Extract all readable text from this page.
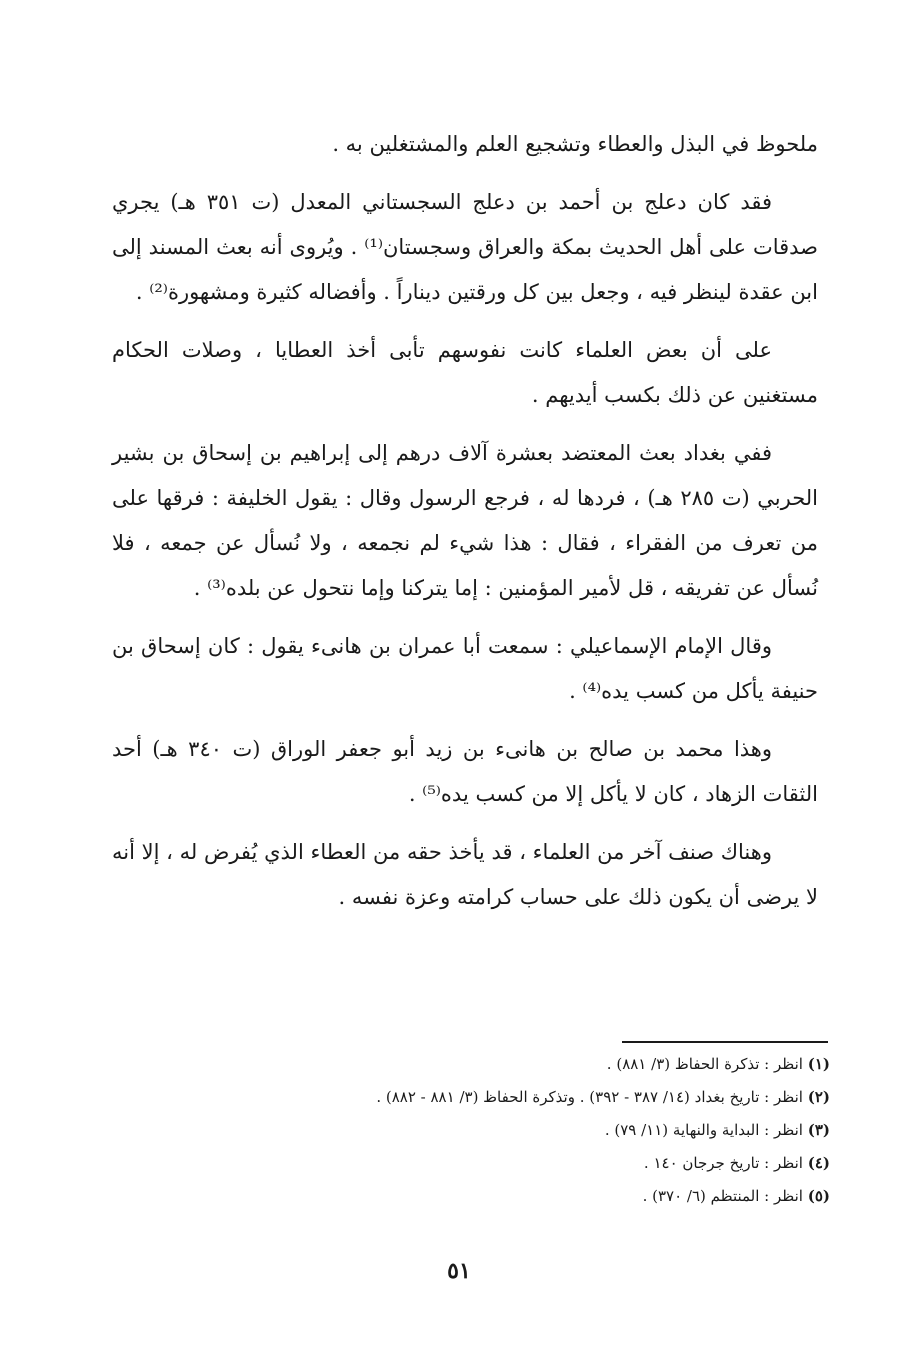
ملحوظ في البذل والعطاء وتشجيع العلم والمشتغلين به .

فقد كان دعلج بن أحمد بن دعلج السجستاني المعدل (ت ٣٥١ هـ) يجري صدقات على أهل الحديث بمكة والعراق وسجستان⁽¹⁾ . ويُروى أنه بعث المسند إلى ابن عقدة لينظر فيه ، وجعل بين كل ورقتين ديناراً . وأفضاله كثيرة ومشهورة⁽²⁾ .

على أن بعض العلماء كانت نفوسهم تأبى أخذ العطايا ، وصلات الحكام مستغنين عن ذلك بكسب أيديهم .

ففي بغداد بعث المعتضد بعشرة آلاف درهم إلى إبراهيم بن إسحاق بن بشير الحربي (ت ٢٨٥ هـ) ، فردها له ، فرجع الرسول وقال : يقول الخليفة : فرقها على من تعرف من الفقراء ، فقال : هذا شيء لم نجمعه ، ولا نُسأل عن جمعه ، فلا نُسأل عن تفريقه ، قل لأمير المؤمنين : إما يتركنا وإما نتحول عن بلده⁽³⁾ .

وقال الإمام الإسماعيلي : سمعت أبا عمران بن هانىء يقول : كان إسحاق بن حنيفة يأكل من كسب يده⁽⁴⁾ .

وهذا محمد بن صالح بن هانىء بن زيد أبو جعفر الوراق (ت ٣٤٠ هـ) أحد الثقات الزهاد ، كان لا يأكل إلا من كسب يده⁽⁵⁾ .

وهناك صنف آخر من العلماء ، قد يأخذ حقه من العطاء الذي يُفرض له ، إلا أنه لا يرضى أن يكون ذلك على حساب كرامته وعزة نفسه .

(١) انظر : تذكرة الحفاظ (٣/ ٨٨١) .
(٢) انظر : تاريخ بغداد (١٤/ ٣٨٧ - ٣٩٢) . وتذكرة الحفاظ (٣/ ٨٨١ - ٨٨٢) .
(٣) انظر : البداية والنهاية (١١/ ٧٩) .
(٤) انظر : تاريخ جرجان ١٤٠ .
(٥) انظر : المنتظم (٦/ ٣٧٠) .
٥١
